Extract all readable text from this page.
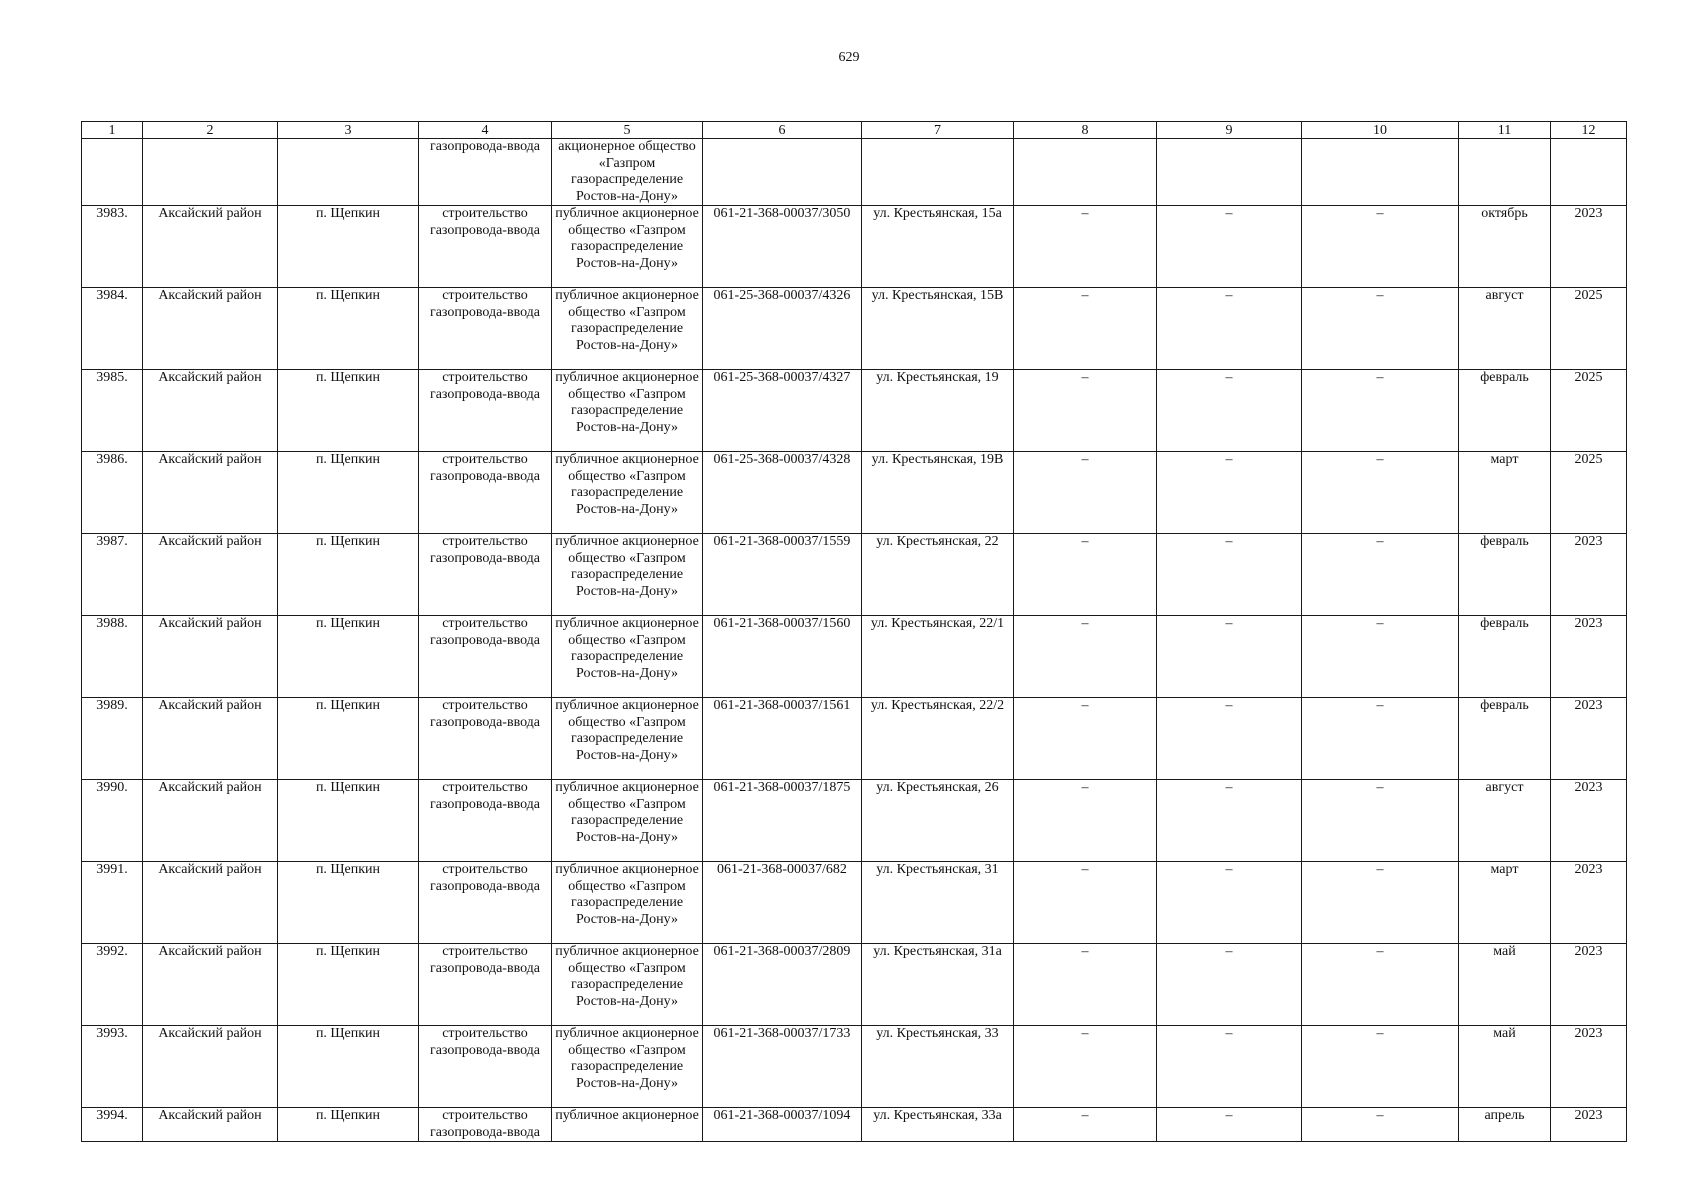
629
1	2	3	4	5	6	7	8	9	10	11	12
			газопровода-ввода	акционерное общество «Газпром газораспределение Ростов-на-Дону»							
3983.	Аксайский район	п. Щепкин	строительство газопровода-ввода	публичное акционерное общество «Газпром газораспределение Ростов-на-Дону»	061-21-368-00037/3050	ул. Крестьянская, 15а	–	–	–	октябрь	2023
3984.	Аксайский район	п. Щепкин	строительство газопровода-ввода	публичное акционерное общество «Газпром газораспределение Ростов-на-Дону»	061-25-368-00037/4326	ул. Крестьянская, 15В	–	–	–	август	2025
3985.	Аксайский район	п. Щепкин	строительство газопровода-ввода	публичное акционерное общество «Газпром газораспределение Ростов-на-Дону»	061-25-368-00037/4327	ул. Крестьянская, 19	–	–	–	февраль	2025
3986.	Аксайский район	п. Щепкин	строительство газопровода-ввода	публичное акционерное общество «Газпром газораспределение Ростов-на-Дону»	061-25-368-00037/4328	ул. Крестьянская, 19В	–	–	–	март	2025
3987.	Аксайский район	п. Щепкин	строительство газопровода-ввода	публичное акционерное общество «Газпром газораспределение Ростов-на-Дону»	061-21-368-00037/1559	ул. Крестьянская, 22	–	–	–	февраль	2023
3988.	Аксайский район	п. Щепкин	строительство газопровода-ввода	публичное акционерное общество «Газпром газораспределение Ростов-на-Дону»	061-21-368-00037/1560	ул. Крестьянская, 22/1	–	–	–	февраль	2023
3989.	Аксайский район	п. Щепкин	строительство газопровода-ввода	публичное акционерное общество «Газпром газораспределение Ростов-на-Дону»	061-21-368-00037/1561	ул. Крестьянская, 22/2	–	–	–	февраль	2023
3990.	Аксайский район	п. Щепкин	строительство газопровода-ввода	публичное акционерное общество «Газпром газораспределение Ростов-на-Дону»	061-21-368-00037/1875	ул. Крестьянская, 26	–	–	–	август	2023
3991.	Аксайский район	п. Щепкин	строительство газопровода-ввода	публичное акционерное общество «Газпром газораспределение Ростов-на-Дону»	061-21-368-00037/682	ул. Крестьянская, 31	–	–	–	март	2023
3992.	Аксайский район	п. Щепкин	строительство газопровода-ввода	публичное акционерное общество «Газпром газораспределение Ростов-на-Дону»	061-21-368-00037/2809	ул. Крестьянская, 31а	–	–	–	май	2023
3993.	Аксайский район	п. Щепкин	строительство газопровода-ввода	публичное акционерное общество «Газпром газораспределение Ростов-на-Дону»	061-21-368-00037/1733	ул. Крестьянская, 33	–	–	–	май	2023
3994.	Аксайский район	п. Щепкин	строительство газопровода-ввода	публичное акционерное	061-21-368-00037/1094	ул. Крестьянская, 33а	–	–	–	апрель	2023
